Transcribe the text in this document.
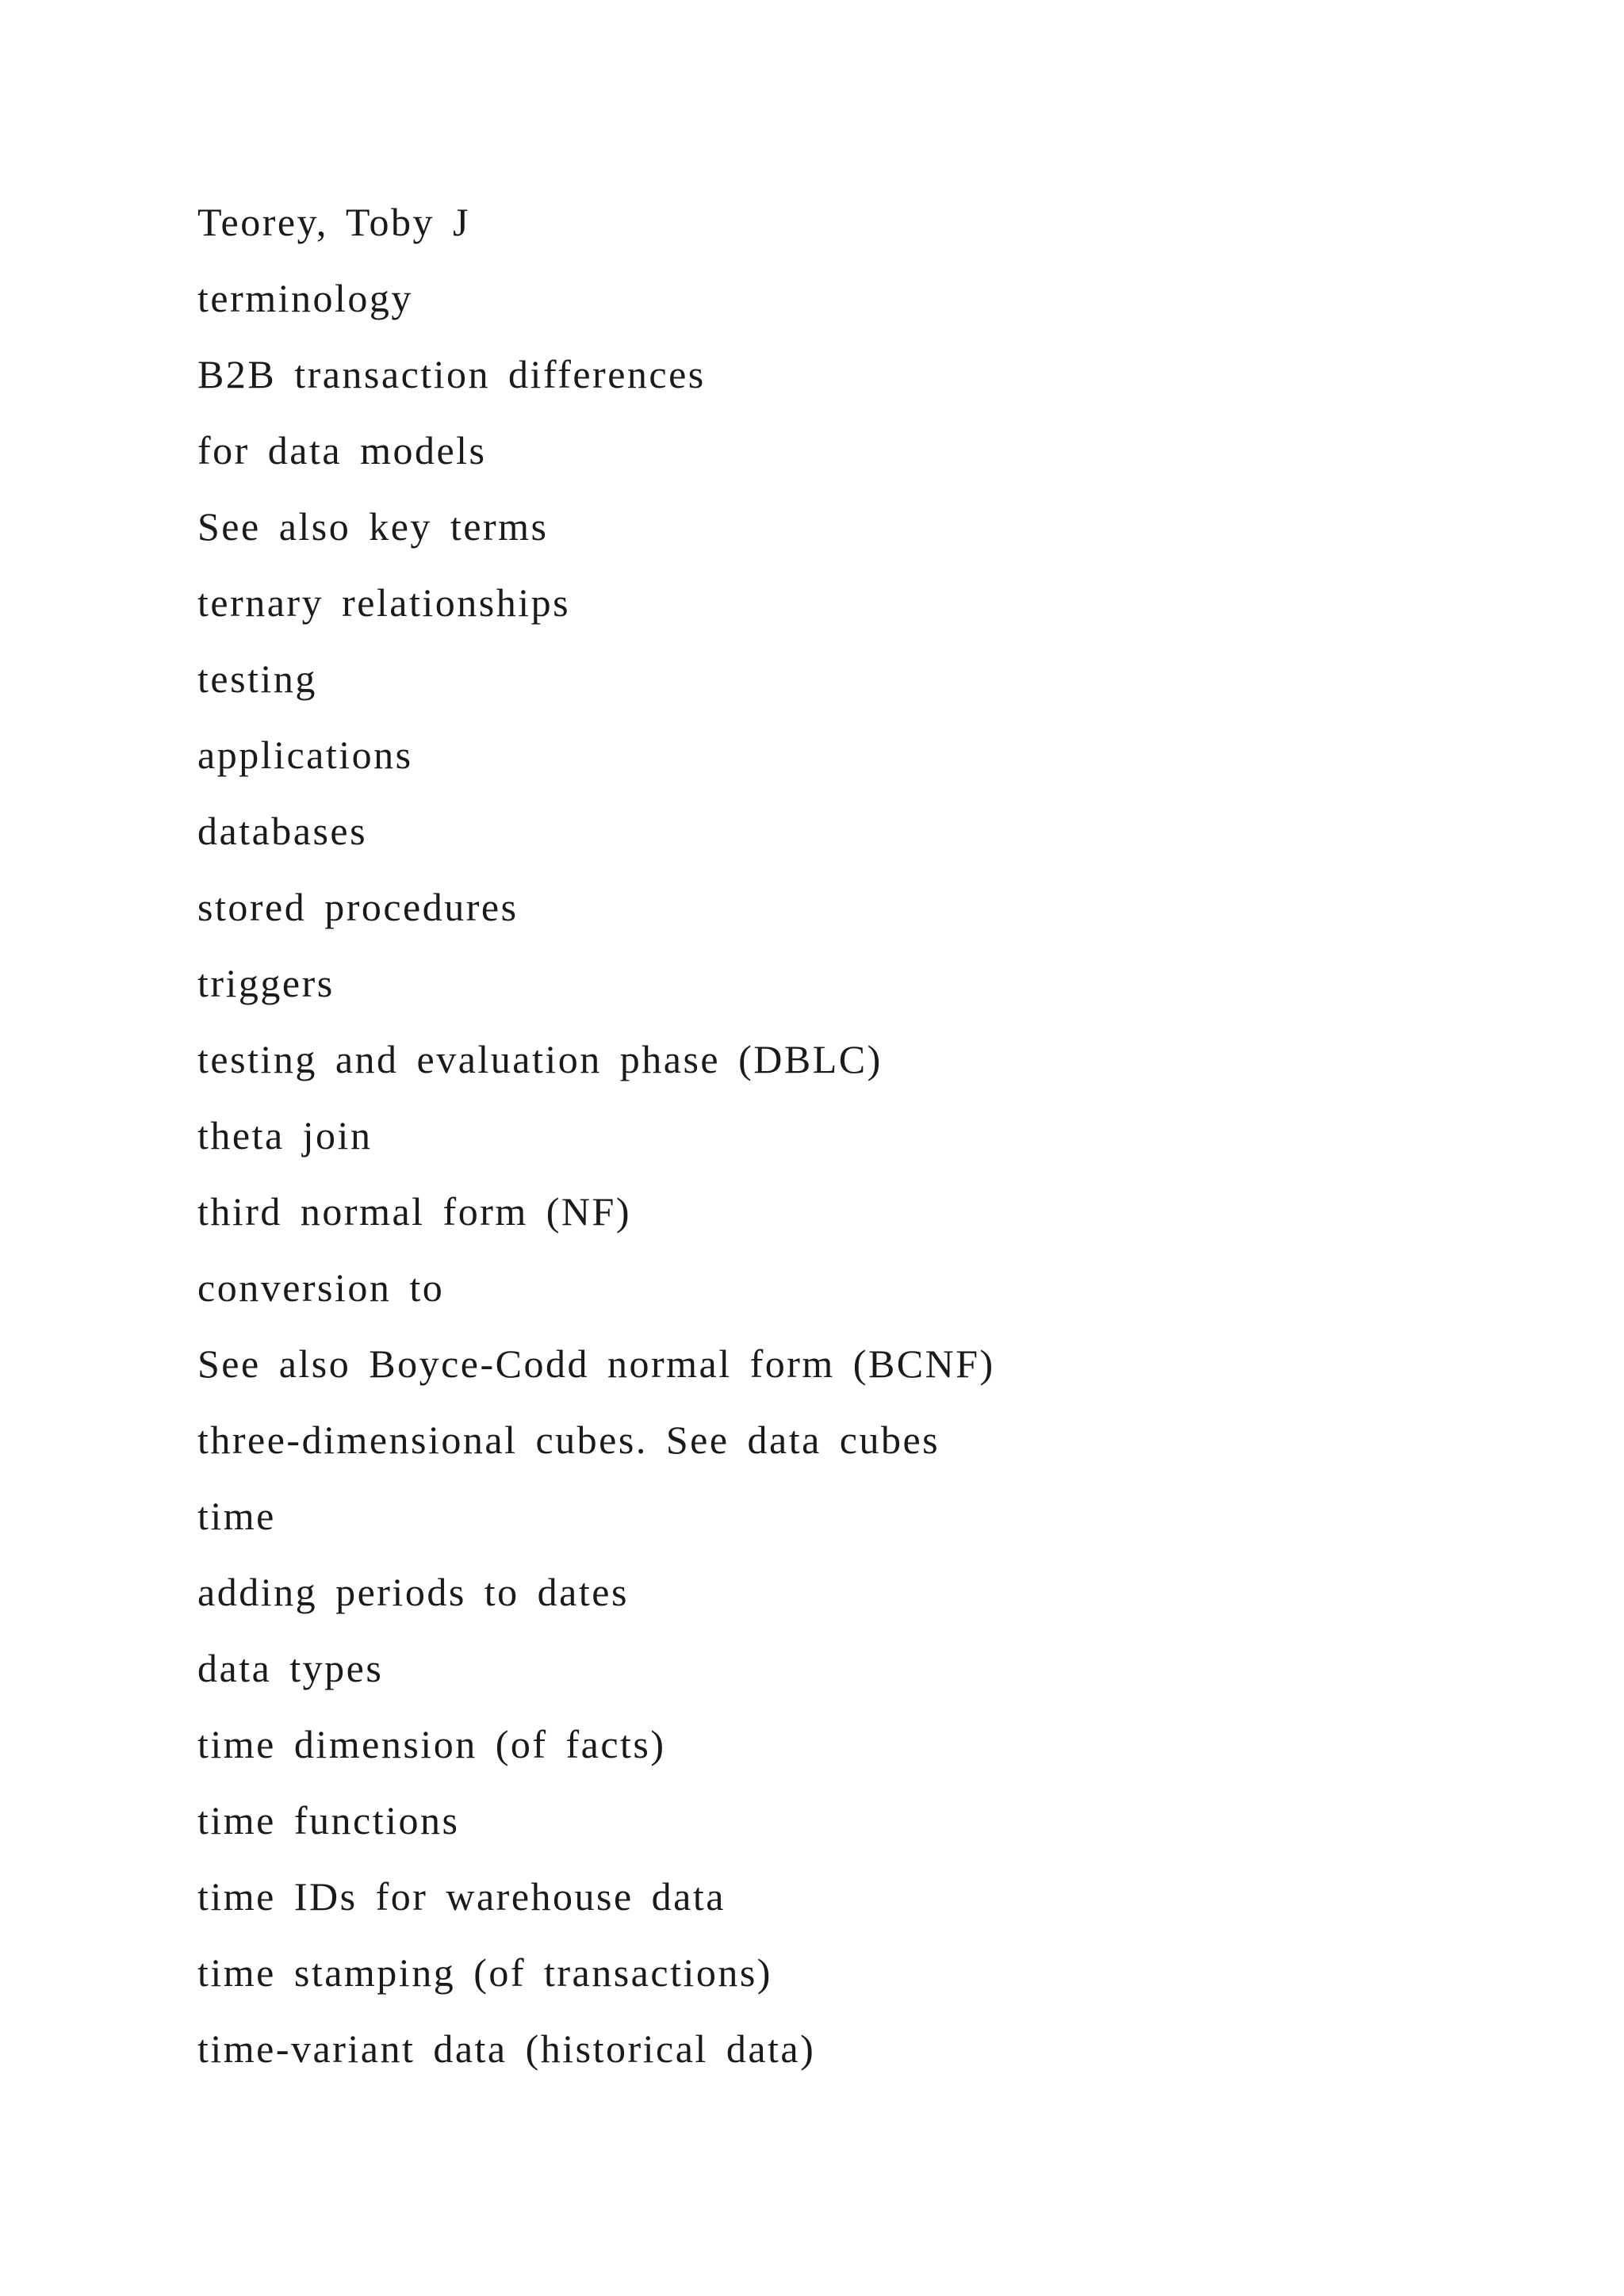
Teorey, Toby J
terminology
B2B transaction differences
for data models
See also key terms
ternary relationships
testing
applications
databases
stored procedures
triggers
testing and evaluation phase (DBLC)
theta join
third normal form (NF)
conversion to
See also Boyce-Codd normal form (BCNF)
three-dimensional cubes. See data cubes
time
adding periods to dates
data types
time dimension (of facts)
time functions
time IDs for warehouse data
time stamping (of transactions)
time-variant data (historical data)
